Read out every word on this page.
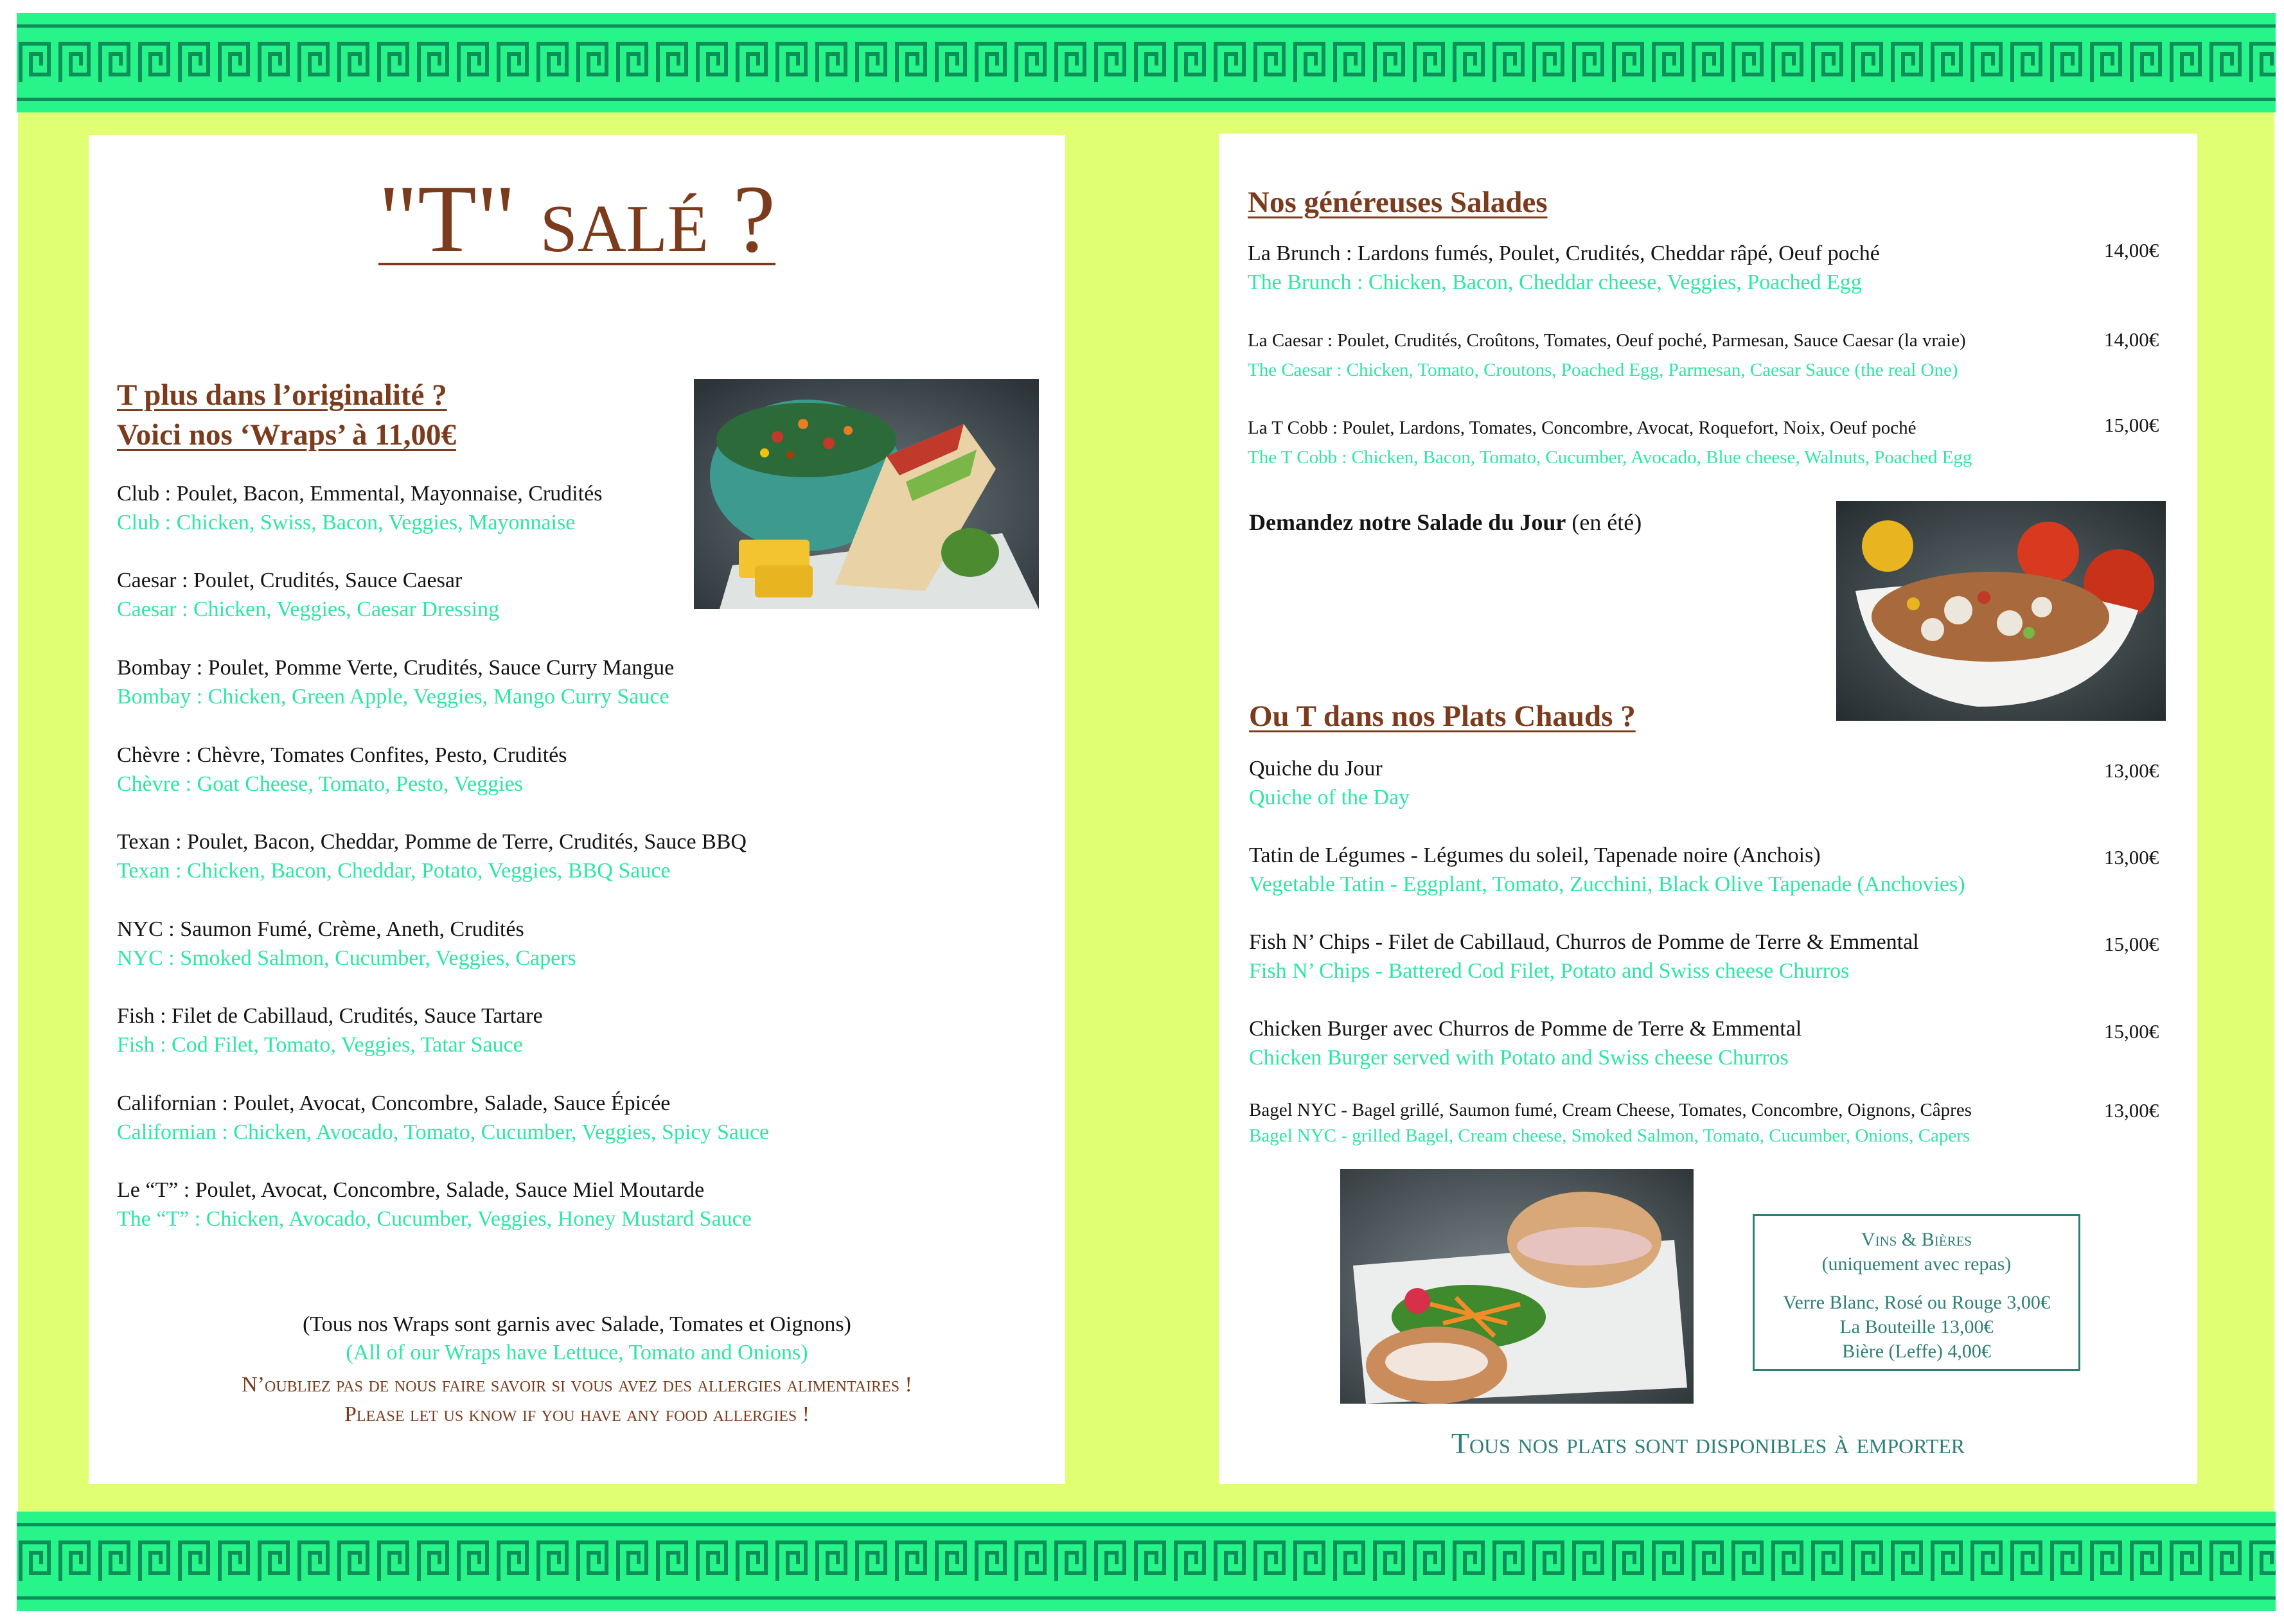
"T" salé ?
T plus dans l’originalité ?
Voici nos ‘Wraps’ à 11,00€
Club : Poulet, Bacon, Emmental, Mayonnaise, Crudités
Club : Chicken, Swiss, Bacon, Veggies, Mayonnaise
Caesar : Poulet, Crudités, Sauce Caesar
Caesar : Chicken, Veggies, Caesar Dressing
Bombay : Poulet, Pomme Verte, Crudités, Sauce Curry Mangue
Bombay : Chicken, Green Apple, Veggies, Mango Curry Sauce
Chèvre : Chèvre, Tomates Confites, Pesto, Crudités
Chèvre : Goat Cheese, Tomato, Pesto, Veggies
Texan : Poulet, Bacon, Cheddar, Pomme de Terre, Crudités, Sauce BBQ
Texan : Chicken, Bacon, Cheddar, Potato, Veggies, BBQ Sauce
NYC : Saumon Fumé, Crème, Aneth, Crudités
NYC : Smoked Salmon, Cucumber, Veggies, Capers
Fish : Filet de Cabillaud, Crudités, Sauce Tartare
Fish : Cod Filet, Tomato, Veggies, Tatar Sauce
Californian : Poulet, Avocat, Concombre, Salade, Sauce Épicée
Californian : Chicken, Avocado, Tomato, Cucumber, Veggies, Spicy Sauce
Le “T” : Poulet, Avocat, Concombre, Salade, Sauce Miel Moutarde
The “T” : Chicken, Avocado, Cucumber, Veggies, Honey Mustard Sauce
(Tous nos Wraps sont garnis avec Salade, Tomates et Oignons)
(All of our Wraps have Lettuce, Tomato and Onions)
N’oubliez pas de nous faire savoir si vous avez des allergies alimentaires !
Please let us know if you have any food allergies !
Nos généreuses Salades
La Brunch : Lardons fumés, Poulet, Crudités, Cheddar râpé, Oeuf poché	14,00€
The Brunch : Chicken, Bacon, Cheddar cheese, Veggies, Poached Egg
La Caesar : Poulet, Crudités, Croûtons, Tomates, Oeuf poché, Parmesan, Sauce Caesar (la vraie)	14,00€
The Caesar : Chicken, Tomato, Croutons, Poached Egg, Parmesan, Caesar Sauce (the real One)
La T Cobb : Poulet, Lardons, Tomates, Concombre, Avocat, Roquefort, Noix, Oeuf poché	15,00€
The T Cobb : Chicken, Bacon, Tomato, Cucumber, Avocado, Blue cheese, Walnuts, Poached Egg
Demandez notre Salade du Jour (en été)
Ou T dans nos Plats Chauds ?
Quiche du Jour	13,00€
Quiche of the Day
Tatin de Légumes - Légumes du soleil, Tapenade noire (Anchois)	13,00€
Vegetable Tatin - Eggplant, Tomato, Zucchini, Black Olive Tapenade (Anchovies)
Fish N’ Chips - Filet de Cabillaud, Churros de Pomme de Terre & Emmental	15,00€
Fish N’ Chips - Battered Cod Filet, Potato and Swiss cheese Churros
Chicken Burger avec Churros de Pomme de Terre & Emmental	15,00€
Chicken Burger served with Potato and Swiss cheese Churros
Bagel NYC - Bagel grillé, Saumon fumé, Cream Cheese, Tomates, Concombre, Oignons, Câpres	13,00€
Bagel NYC - grilled Bagel, Cream cheese, Smoked Salmon, Tomato, Cucumber, Onions, Capers
Vins & Bières
(uniquement avec repas)
Verre Blanc, Rosé ou Rouge 3,00€
La Bouteille 13,00€
Bière (Leffe) 4,00€
Tous nos plats sont disponibles à emporter
